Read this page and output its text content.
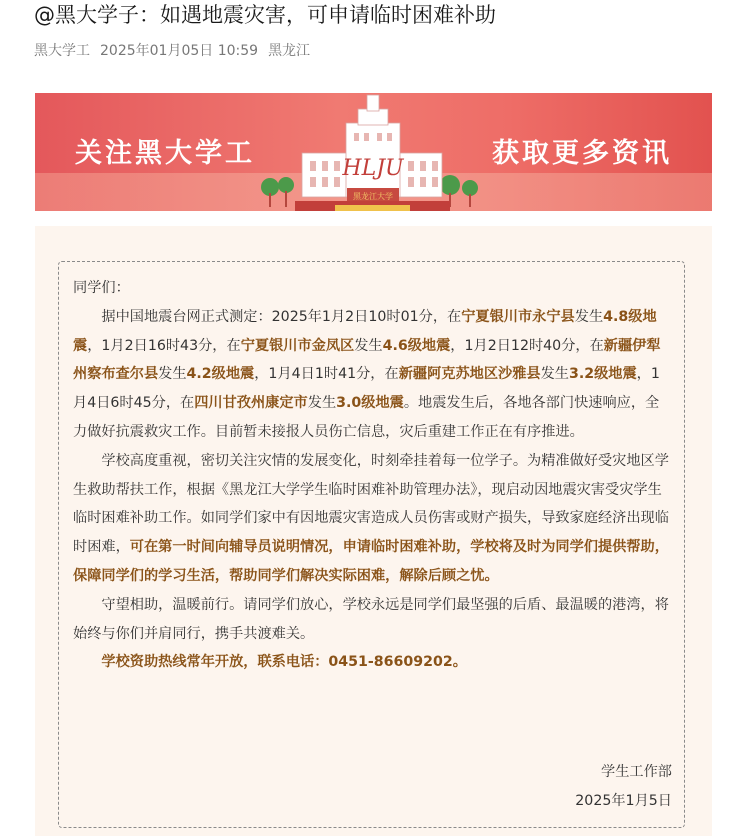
@黑大学子：如遇地震灾害，可申请临时困难补助
黑大学工 2025年01月05日 10:59 黑龙江
HLJU
黑龙江大学
关注黑大学工	获取更多资讯

同学们：

据中国地震台网正式测定：2025年1月2日10时01分，在宁夏银川市永宁县发生4.8级地震，1月2日16时43分，在宁夏银川市金凤区发生4.6级地震，1月2日12时40分，在新疆伊犁州察布查尔县发生4.2级地震，1月4日1时41分，在新疆阿克苏地区沙雅县发生3.2级地震，1月4日6时45分，在四川甘孜州康定市发生3.0级地震。地震发生后，各地各部门快速响应，全力做好抗震救灾工作。目前暂未接报人员伤亡信息，灾后重建工作正在有序推进。

学校高度重视，密切关注灾情的发展变化，时刻牵挂着每一位学子。为精准做好受灾地区学生救助帮扶工作，根据《黑龙江大学学生临时困难补助管理办法》，现启动因地震灾害受灾学生临时困难补助工作。如同学们家中有因地震灾害造成人员伤害或财产损失，导致家庭经济出现临时困难，可在第一时间向辅导员说明情况，申请临时困难补助，学校将及时为同学们提供帮助，保障同学们的学习生活，帮助同学们解决实际困难，解除后顾之忧。

守望相助，温暖前行。请同学们放心，学校永远是同学们最坚强的后盾、最温暖的港湾，将始终与你们并肩同行，携手共渡难关。

学校资助热线常年开放，联系电话：0451-86609202。

学生工作部
2025年1月5日
